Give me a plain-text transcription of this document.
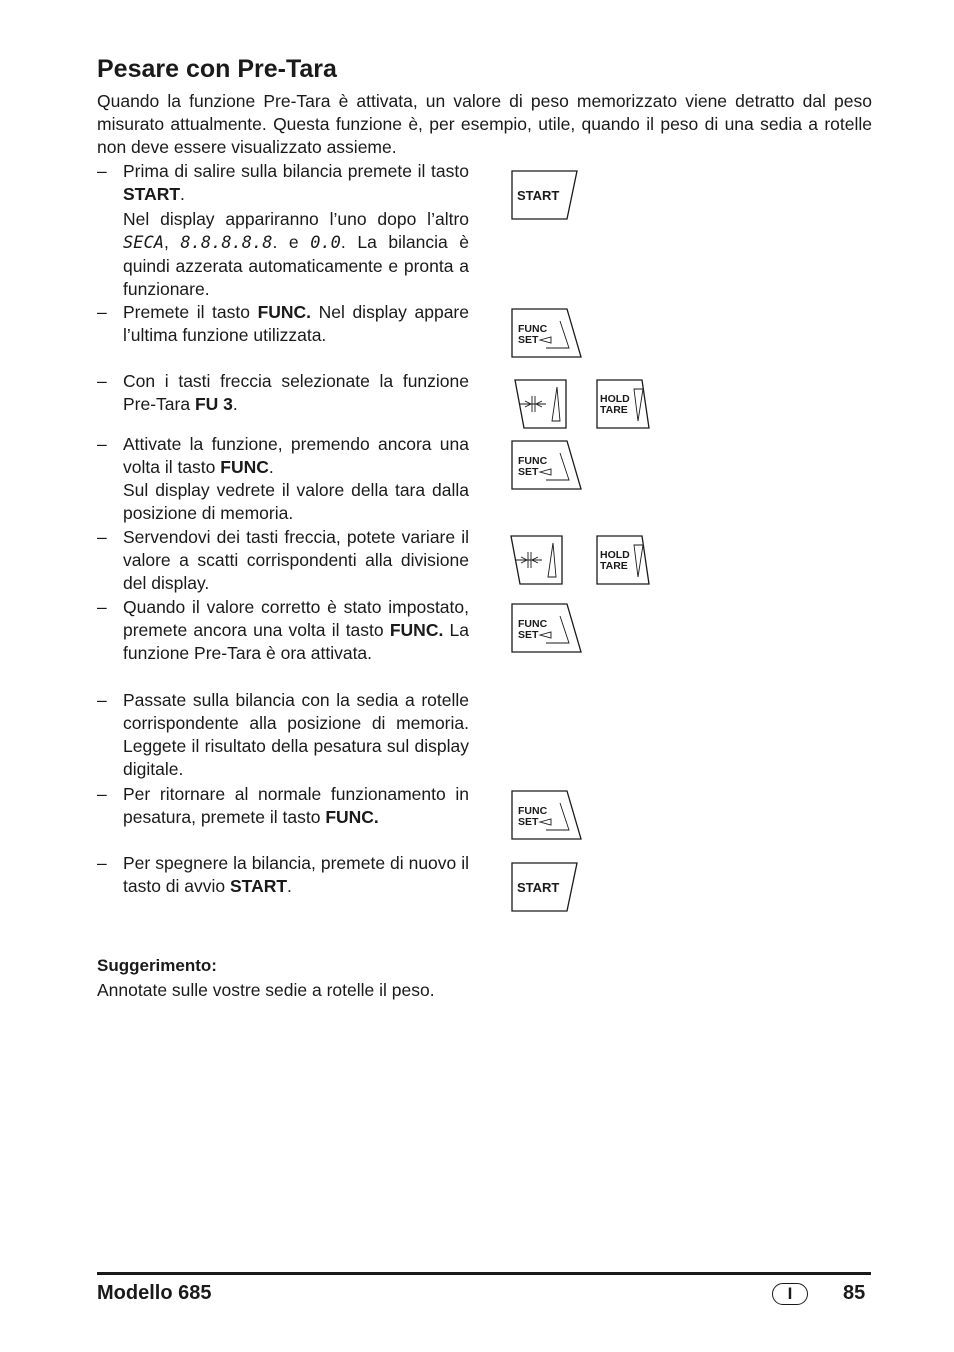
Pesare con Pre-Tara

Quando la funzione Pre-Tara è attivata, un valore di peso memorizzato viene detratto dal peso misurato attualmente. Questa funzione è, per esempio, utile, quando il peso di una sedia a rotelle non deve essere visualizzato assieme.

– Prima di salire sulla bilancia premete il tasto START.

Nel display appariranno l’uno dopo l’altro SECA, 8.8.8.8.8. e 0.0. La bilancia è quindi azzerata automaticamente e pronta a funzionare.

– Premete il tasto FUNC. Nel display appare l’ultima funzione utilizzata.

– Con i tasti freccia selezionate la funzione Pre-Tara FU 3.

– Attivate la funzione, premendo ancora una volta il tasto FUNC.

Sul display vedrete il valore della tara dalla posizione di memoria.

– Servendovi dei tasti freccia, potete variare il valore a scatti corrispondenti alla divisione del display.

– Quando il valore corretto è stato impostato, premete ancora una volta il tasto FUNC. La funzione Pre-Tara è ora attivata.

– Passate sulla bilancia con la sedia a rotelle corrispondente alla posizione di memoria. Leggete il risultato della pesatura sul display digitale.

– Per ritornare al normale funzionamento in pesatura, premete il tasto FUNC.

– Per spegnere la bilancia, premete di nuovo il tasto di avvio START.

START
FUNC
SET
HOLD
TARE
FUNC
SET
HOLD
TARE
FUNC
SET
FUNC
SET
START

Suggerimento:

Annotate sulle vostre sedie a rotelle il peso.

Modello 685	I	85
